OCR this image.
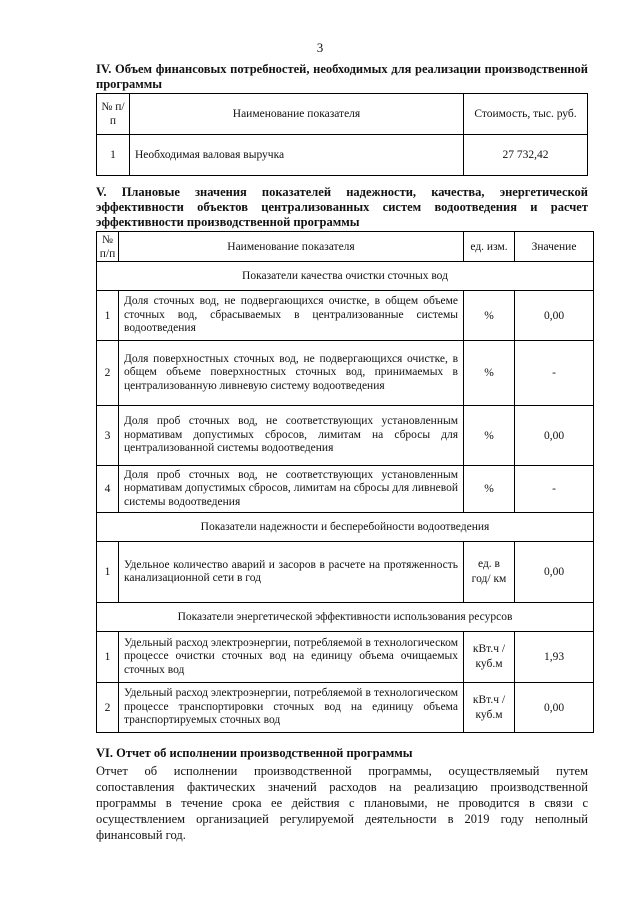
3
IV. Объем финансовых потребностей, необходимых для реализации производственной программы
№ п/п	Наименование показателя	Стоимость, тыс. руб.
1	Необходимая валовая выручка	27 732,42
V. Плановые значения показателей надежности, качества, энергетической эффективности объектов централизованных систем водоотведения и расчет эффективности производственной программы
№ п/п	Наименование показателя	ед. изм.	Значение
Показатели качества очистки сточных вод			
1	Доля сточных вод, не подвергающихся очистке, в общем объеме сточных вод, сбрасываемых в централизованные системы водоотведения	%	0,00
2	Доля поверхностных сточных вод, не подвергающихся очистке, в общем объеме поверхностных сточных вод, принимаемых в централизованную ливневую систему водоотведения	%	-
3	Доля проб сточных вод, не соответствующих установленным нормативам допустимых сбросов, лимитам на сбросы для централизованной системы водоотведения	%	0,00
4	Доля проб сточных вод, не соответствующих установленным нормативам допустимых сбросов, лимитам на сбросы для ливневой системы водоотведения	%	-
Показатели надежности и бесперебойности водоотведения			
1	Удельное количество аварий и засоров в расчете на протяженность канализационной сети в год	ед. в год/ км	0,00
Показатели энергетической эффективности использования ресурсов			
1	Удельный расход электроэнергии, потребляемой в технологическом процессе очистки сточных вод на единицу объема очищаемых сточных вод	кВт.ч / куб.м	1,93
2	Удельный расход электроэнергии, потребляемой в технологическом процессе транспортировки сточных вод на единицу объема транспортируемых сточных вод	кВт.ч / куб.м	0,00
VI. Отчет об исполнении производственной программы
Отчет об исполнении производственной программы, осуществляемый путем сопоставления фактических значений расходов на реализацию производственной программы в течение срока ее действия с плановыми, не проводится в связи с осуществлением организацией регулируемой деятельности в 2019 году неполный финансовый год.
